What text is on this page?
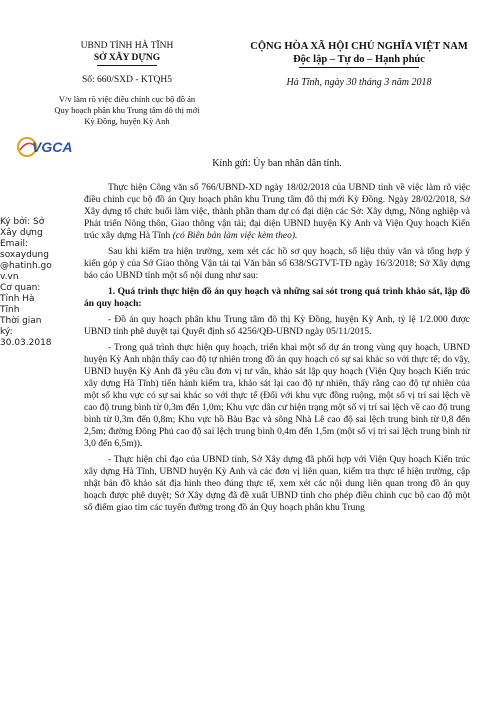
UBND TỈNH HÀ TĨNH
SỞ XÂY DỰNG
Số: 660/SXD - KTQH5
V/v làm rõ việc điều chỉnh cục bộ đồ án Quy hoạch phân khu Trung tâm đô thị mới Kỳ Đồng, huyện Kỳ Anh
CỘNG HÒA XÃ HỘI CHỦ NGHĨA VIỆT NAM
Độc lập – Tự do – Hạnh phúc
Hà Tĩnh, ngày 30 tháng 3 năm 2018
VGCA
Ký bởi: Sở
Xây dựng
Email:
soxaydung
@hatinh.go
v.vn
Cơ quan:
Tỉnh Hà
Tĩnh
Thời gian
ký:
30.03.2018
Kính gửi: Ủy ban nhân dân tỉnh.

Thực hiện Công văn số 766/UBND-XD ngày 18/02/2018 của UBND tỉnh về việc làm rõ việc điều chỉnh cục bộ đồ án Quy hoạch phân khu Trung tâm đô thị mới Kỳ Đồng. Ngày 28/02/2018, Sở Xây dựng tổ chức buổi làm việc, thành phần tham dự có đại diện các Sở: Xây dựng, Nông nghiệp và Phát triển Nông thôn, Giao thông vận tải; đại diện UBND huyện Kỳ Anh và Viện Quy hoạch Kiến trúc xây dựng Hà Tĩnh (có Biên bản làm việc kèm theo).

Sau khi kiểm tra hiện trường, xem xét các hồ sơ quy hoạch, số liệu thủy văn và tổng hợp ý kiến góp ý của Sở Giao thông Vận tải tại Văn bản số 638/SGTVT-TĐ ngày 16/3/2018; Sở Xây dựng báo cáo UBND tỉnh một số nội dung như sau:

1. Quá trình thực hiện đồ án quy hoạch và những sai sót trong quá trình khảo sát, lập đồ án quy hoạch:

- Đồ án quy hoạch phân khu Trung tâm đô thị Kỳ Đồng, huyện Kỳ Anh, tỷ lệ 1/2.000 được UBND tỉnh phê duyệt tại Quyết định số 4256/QĐ-UBND ngày 05/11/2015.

- Trong quá trình thực hiện quy hoạch, triển khai một số dự án trong vùng quy hoạch, UBND huyện Kỳ Anh nhận thấy cao độ tự nhiên trong đồ án quy hoạch có sự sai khác so với thực tế; do vậy, UBND huyện Kỳ Anh đã yêu cầu đơn vị tư vấn, khảo sát lập quy hoạch (Viện Quy hoạch Kiến trúc xây dựng Hà Tĩnh) tiến hành kiểm tra, khảo sát lại cao độ tự nhiên, thấy rằng cao độ tự nhiên của một số khu vực có sự sai khác so với thực tế (Đối với khu vực đồng ruộng, một số vị trí sai lệch về cao độ trung bình từ 0,3m đến 1,0m; Khu vực dân cư hiện trạng một số vị trí sai lệch về cao độ trung bình từ 0,3m đến 0,8m; Khu vực hồ Bàu Bạc và sông Nhà Lê cao độ sai lệch trung bình từ 0,8 đến 2,5m; đường Đông Phú cao độ sai lệch trung bình 0,4m đến 1,5m (một số vị trí sai lệch trung bình từ 3,0 đến 6,5m)).

- Thực hiện chỉ đạo của UBND tỉnh, Sở Xây dựng đã phối hợp với Viện Quy hoạch Kiến trúc xây dựng Hà Tĩnh, UBND huyện Kỳ Anh và các đơn vị liên quan, kiểm tra thực tế hiện trường, cập nhật bản đồ khảo sát địa hình theo đúng thực tế, xem xét các nội dung liên quan trong đồ án quy hoạch được phê duyệt; Sở Xây dựng đã đề xuất UBND tỉnh cho phép điều chỉnh cục bộ cao độ một số điểm giao tim các tuyến đường trong đồ án Quy hoạch phân khu Trung
